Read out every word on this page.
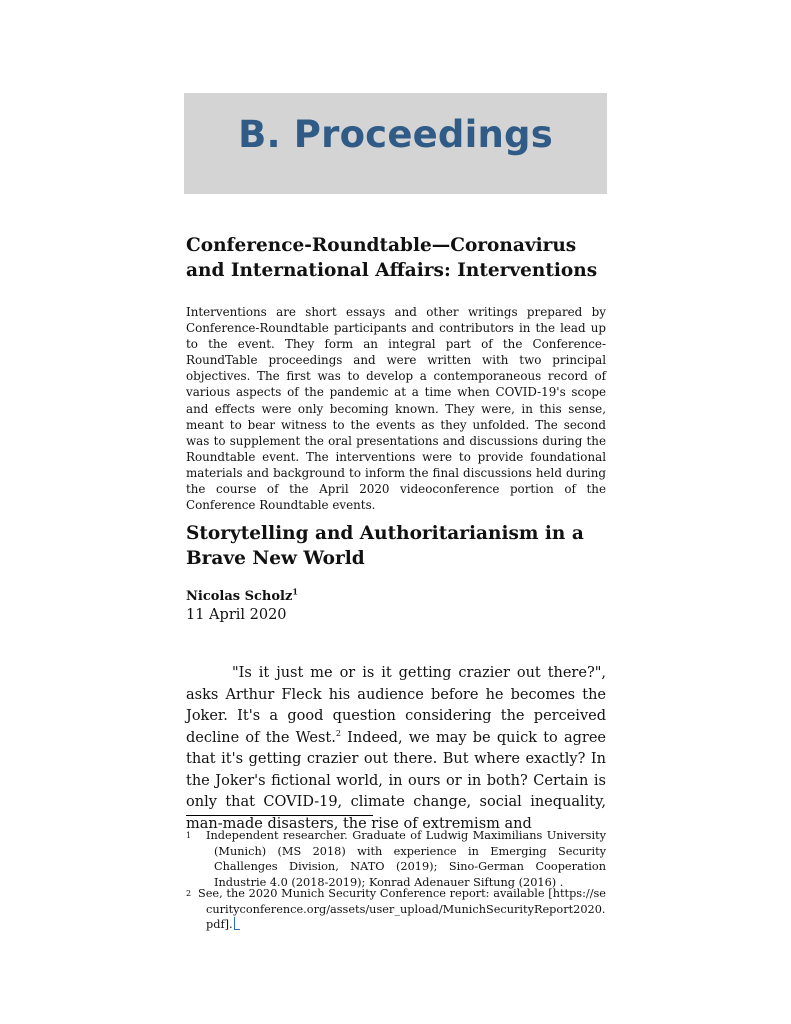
B. Proceedings
Conference-Roundtable—Coronavirus and International Affairs: Interventions
Interventions are short essays and other writings prepared by Conference-Roundtable participants and contributors in the lead up to the event. They form an integral part of the Conference-RoundTable proceedings and were written with two principal objectives. The first was to develop a contemporaneous record of various aspects of the pandemic at a time when COVID-19's scope and effects were only becoming known. They were, in this sense, meant to bear witness to the events as they unfolded. The second was to supplement the oral presentations and discussions during the Roundtable event. The interventions were to provide foundational materials and background to inform the final discussions held during the course of the April 2020 videoconference portion of the Conference Roundtable events.
Storytelling and Authoritarianism in a Brave New World
Nicolas Scholz$^1$
11 April 2020

"Is it just me or is it getting crazier out there?", asks Arthur Fleck his audience before he becomes the Joker. It's a good question considering the perceived decline of the West.$^2$ Indeed, we may be quick to agree that it's getting crazier out there. But where exactly? In the Joker's fictional world, in ours or in both? Certain is only that COVID-19, climate change, social inequality, man-made disasters, the rise of extremism and

1 Independent researcher. Graduate of Ludwig Maximilians University (Munich) (MS 2018) with experience in Emerging Security Challenges Division, NATO (2019); Sino-German Cooperation Industrie 4.0 (2018-2019); Konrad Adenauer Siftung (2016) .
2 See, the 2020 Munich Security Conference report: available [https://securityconference.org/assets/user_upload/MunichSecurityReport2020.pdf].
